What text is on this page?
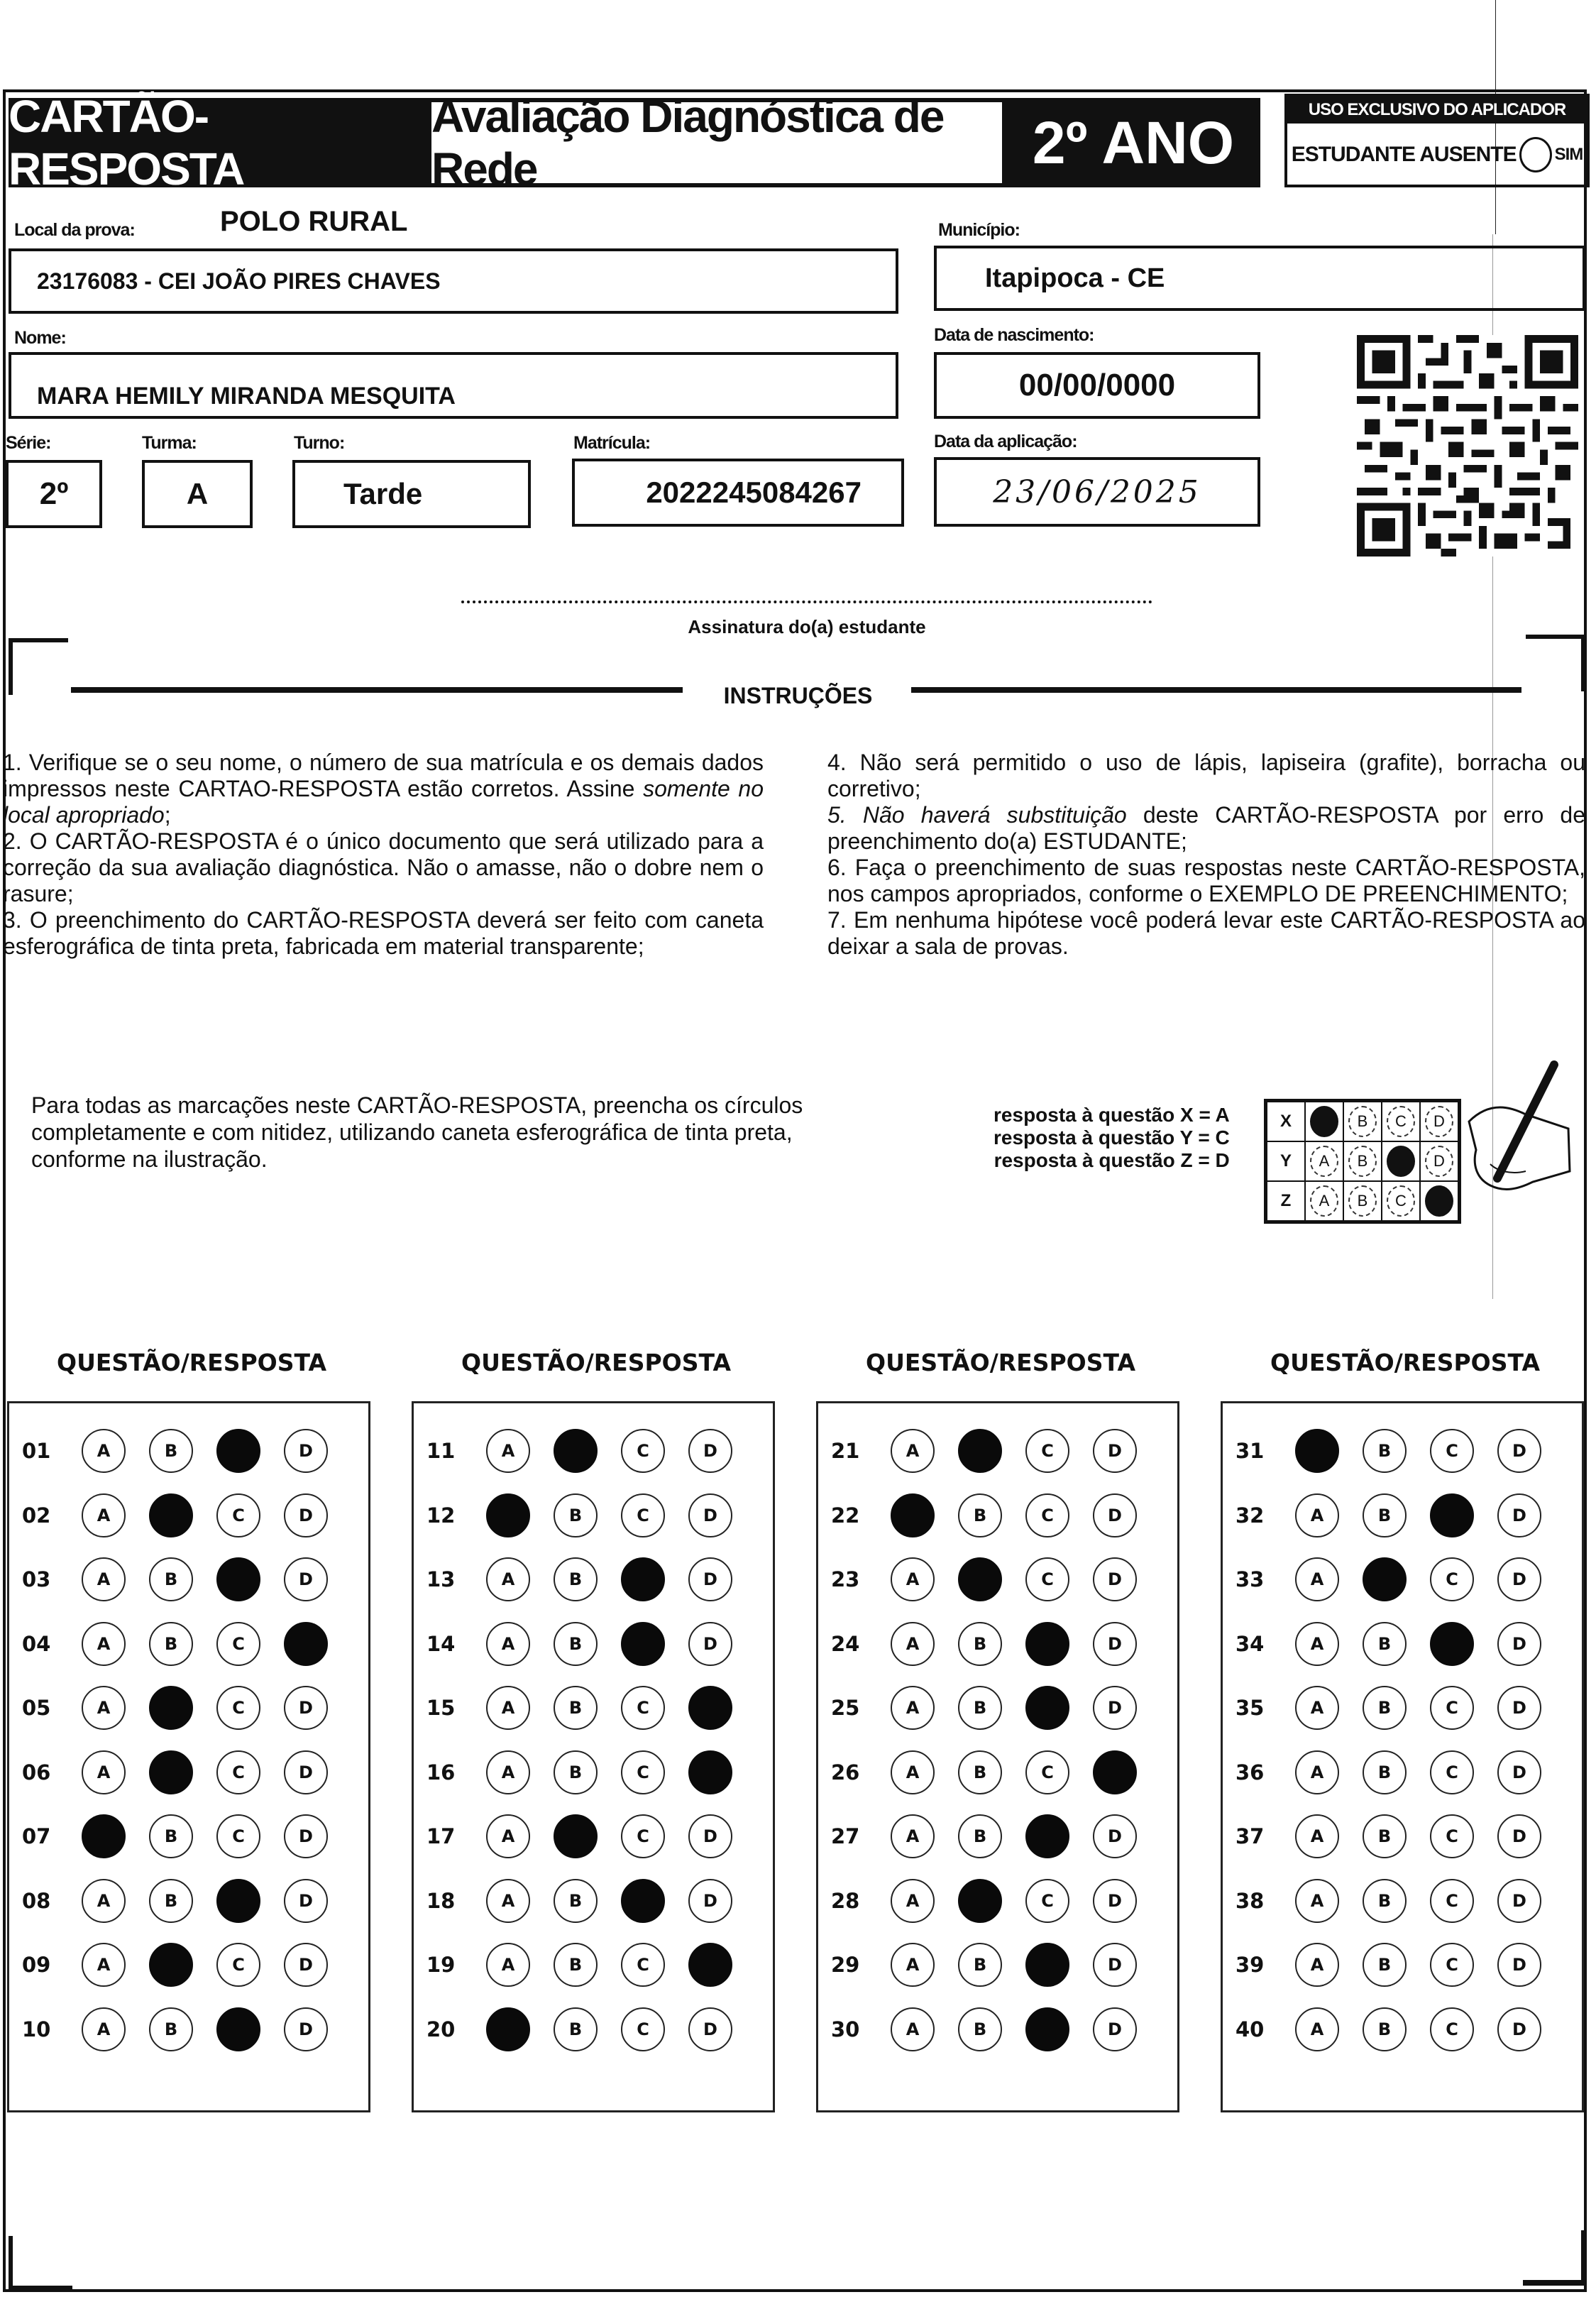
CARTÃO-RESPOSTA
Avaliação Diagnóstica de Rede	2º ANO	USO EXCLUSIVO DO APLICADOR
ESTUDANTE AUSENTE SIM
Local da prova:	POLO RURAL
23176083 - CEI JOÃO PIRES CHAVES
Município:
Itapipoca - CE
Nome:
MARA HEMILY MIRANDA MESQUITA
Data de nascimento:
00/00/0000
Série:
2º
Turma:
A
Turno:
Tarde
Matrícula:
2022245084267
Data da aplicação:
23/06/2025
Assinatura do(a) estudante
INSTRUÇÕES

1. Verifique se o seu nome, o número de sua matrícula e os demais dados impressos neste CARTAO-RESPOSTA estão corretos. Assine somente no local apropriado;

2. O CARTÃO-RESPOSTA é o único documento que será utilizado para a correção da sua avaliação diagnóstica. Não o amasse, não o dobre nem o rasure;

3. O preenchimento do CARTÃO-RESPOSTA deverá ser feito com caneta esferográfica de tinta preta, fabricada em material transparente;

4. Não será permitido o uso de lápis, lapiseira (grafite), borracha ou corretivo;

5. Não haverá substituição deste CARTÃO-RESPOSTA por erro de preenchimento do(a) ESTUDANTE;

6. Faça o preenchimento de suas respostas neste CARTÃO-RESPOSTA, nos campos apropriados, conforme o EXEMPLO DE PREENCHIMENTO;

7. Em nenhuma hipótese você poderá levar este CARTÃO-RESPOSTA ao deixar a sala de provas.

Para todas as marcações neste CARTÃO-RESPOSTA, preencha os círculos completamente e com nitidez, utilizando caneta esferográfica de tinta preta, conforme na ilustração.
resposta à questão X = A
resposta à questão Y = C
resposta à questão Z = D
X		B	C	D
Y	A	B		D
Z	A	B	C	
QUESTÃO/RESPOSTA
01	A	B	D
02	A	C	D
03	A	B	D
04	A	B	C
05	A	C	D
06	A	C	D
07	B	C	D
08	A	B	D
09	A	C	D
10	A	B	D
QUESTÃO/RESPOSTA
11	A	C	D
12	B	C	D
13	A	B	D
14	A	B	D
15	A	B	C
16	A	B	C
17	A	C	D
18	A	B	D
19	A	B	C
20	B	C	D
QUESTÃO/RESPOSTA
21	A	C	D
22	B	C	D
23	A	C	D
24	A	B	D
25	A	B	D
26	A	B	C
27	A	B	D
28	A	C	D
29	A	B	D
30	A	B	D
QUESTÃO/RESPOSTA
31	B	C	D
32	A	B	D
33	A	C	D
34	A	B	D
35	A	B	C	D
36	A	B	C	D
37	A	B	C	D
38	A	B	C	D
39	A	B	C	D
40	A	B	C	D
